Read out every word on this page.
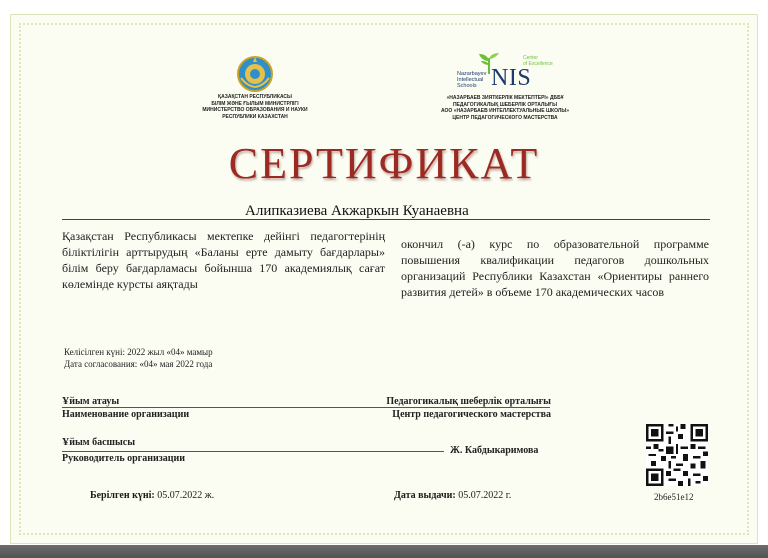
ҚАЗАҚСТАН РЕСПУБЛИКАСЫ
БІЛІМ ЖӘНЕ ҒЫЛЫМ МИНИСТРЛІГІ
МИНИСТЕРСТВО ОБРАЗОВАНИЯ И НАУКИ
РЕСПУБЛИКИ КАЗАХСТАН
Nazarbayev
Intellectual
Schools NIS
Center
of Excellence
«НАЗАРБАЕВ ЗИЯТКЕРЛІК МЕКТЕПТЕРІ» ДББҰ
ПЕДАГОГИКАЛЫҚ ШЕБЕРЛІК ОРТАЛЫҒЫ
АОО «НАЗАРБАЕВ ИНТЕЛЛЕКТУАЛЬНЫЕ ШКОЛЫ»
ЦЕНТР ПЕДАГОГИЧЕСКОГО МАСТЕРСТВА
СЕРТИФИКАТ
Алипказиева Акжаркын Куанаевна
Қазақстан Республикасы мектепке дейінгі педагогтерінің біліктілігін арттырудың «Баланы ерте дамыту бағдарлары» білім беру бағдарламасы бойынша 170 академиялық сағат көлемінде курсты аяқтады
окончил (-а) курс по образовательной программе повышения квалификации педагогов дошкольных организаций Республики Казахстан «Ориентиры раннего развития детей» в объеме 170 академических часов
Келісілген күні: 2022 жыл «04» мамыр
Дата согласования: «04» мая 2022 года
Ұйым атауы
Наименование организации
Педагогикалық шеберлік орталығы
Центр педагогического мастерства
Ұйым басшысы
Руководитель организации
Ж. Кабдыкаримова
Берілген күні: 05.07.2022 ж.	Дата выдачи: 05.07.2022 г.	2b6e51e12
